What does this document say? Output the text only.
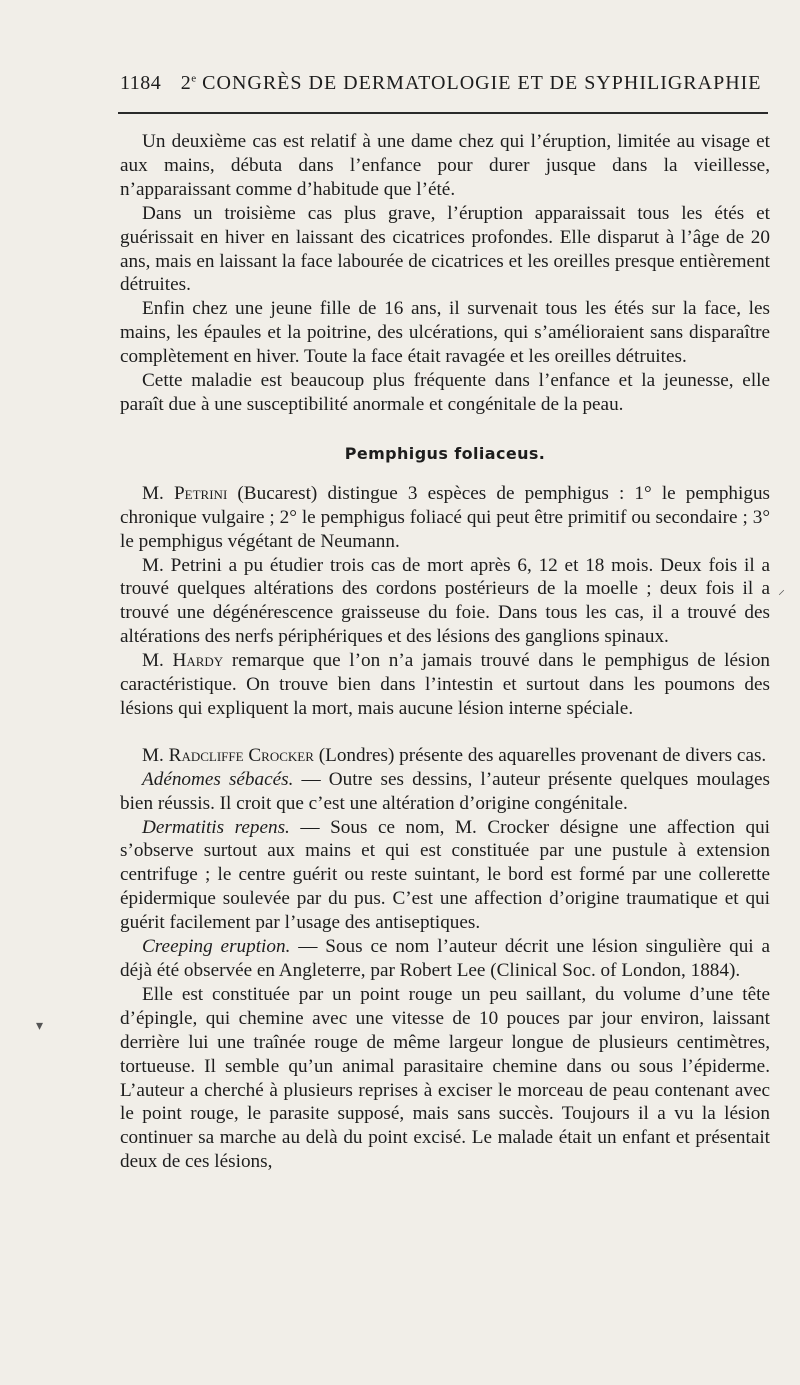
1184 2e CONGRÈS DE DERMATOLOGIE ET DE SYPHILIGRAPHIE

Un deuxième cas est relatif à une dame chez qui l’éruption, limitée au visage et aux mains, débuta dans l’enfance pour durer jusque dans la vieillesse, n’apparaissant comme d’habitude que l’été.

Dans un troisième cas plus grave, l’éruption apparaissait tous les étés et guérissait en hiver en laissant des cicatrices profondes. Elle disparut à l’âge de 20 ans, mais en laissant la face labourée de cicatrices et les oreilles presque entièrement détruites.

Enfin chez une jeune fille de 16 ans, il survenait tous les étés sur la face, les mains, les épaules et la poitrine, des ulcérations, qui s’amélioraient sans disparaître complètement en hiver. Toute la face était ravagée et les oreilles détruites.

Cette maladie est beaucoup plus fréquente dans l’enfance et la jeunesse, elle paraît due à une susceptibilité anormale et congénitale de la peau.

Pemphigus foliaceus.

M. Petrini (Bucarest) distingue 3 espèces de pemphigus : 1° le pemphigus chronique vulgaire ; 2° le pemphigus foliacé qui peut être primitif ou secondaire ; 3° le pemphigus végétant de Neumann.

M. Petrini a pu étudier trois cas de mort après 6, 12 et 18 mois. Deux fois il a trouvé quelques altérations des cordons postérieurs de la moelle ; deux fois il a trouvé une dégénérescence graisseuse du foie. Dans tous les cas, il a trouvé des altérations des nerfs périphériques et des lésions des ganglions spinaux.

M. Hardy remarque que l’on n’a jamais trouvé dans le pemphigus de lésion caractéristique. On trouve bien dans l’intestin et surtout dans les poumons des lésions qui expliquent la mort, mais aucune lésion interne spéciale.

M. Radcliffe Crocker (Londres) présente des aquarelles provenant de divers cas.

Adénomes sébacés. — Outre ses dessins, l’auteur présente quelques moulages bien réussis. Il croit que c’est une altération d’origine congénitale.

Dermatitis repens. — Sous ce nom, M. Crocker désigne une affection qui s’observe surtout aux mains et qui est constituée par une pustule à extension centrifuge ; le centre guérit ou reste suintant, le bord est formé par une collerette épidermique soulevée par du pus. C’est une affection d’origine traumatique et qui guérit facilement par l’usage des antiseptiques.

Creeping eruption. — Sous ce nom l’auteur décrit une lésion singulière qui a déjà été observée en Angleterre, par Robert Lee (Clinical Soc. of London, 1884).

Elle est constituée par un point rouge un peu saillant, du volume d’une tête d’épingle, qui chemine avec une vitesse de 10 pouces par jour environ, laissant derrière lui une traînée rouge de même largeur longue de plusieurs centimètres, tortueuse. Il semble qu’un animal parasitaire chemine dans ou sous l’épiderme. L’auteur a cherché à plusieurs reprises à exciser le morceau de peau contenant avec le point rouge, le parasite supposé, mais sans succès. Toujours il a vu la lésion continuer sa marche au delà du point excisé. Le malade était un enfant et présentait deux de ces lésions,

▾
⸝
